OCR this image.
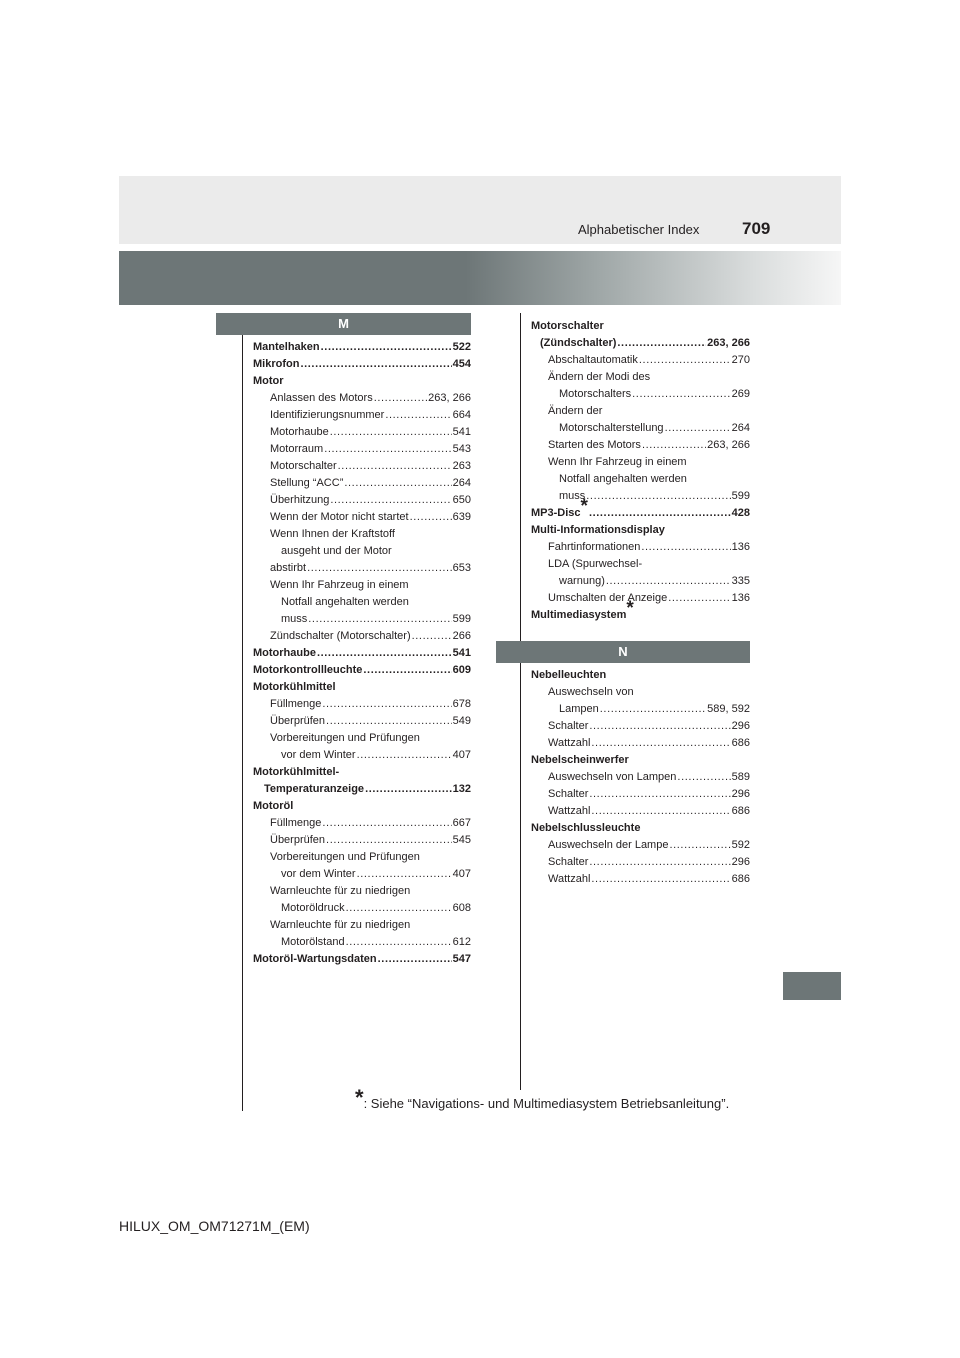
Alphabetischer Index	709
M
N
Mantelhaken .....	522
Mikrofon .....	454
Motor
Anlassen des Motors .....	263, 266
Identifizierungsnummer .....	664
Motorhaube .....	541
Motorraum .....	543
Motorschalter .....	263
Stellung “ACC” .....	264
Überhitzung .....	650
Wenn der Motor nicht startet .....	639
Wenn Ihnen der Kraftstoff
ausgeht und der Motor
abstirbt .....	653
Wenn Ihr Fahrzeug in einem
Notfall angehalten werden
muss .....	599
Zündschalter (Motorschalter) .....	266
Motorhaube .....	541
Motorkontrollleuchte .....	609
Motorkühlmittel
Füllmenge .....	678
Überprüfen .....	549
Vorbereitungen und Prüfungen
vor dem Winter .....	407
Motorkühlmittel-
Temperaturanzeige .....	132
Motoröl
Füllmenge .....	667
Überprüfen .....	545
Vorbereitungen und Prüfungen
vor dem Winter .....	407
Warnleuchte für zu niedrigen
Motoröldruck .....	608
Warnleuchte für zu niedrigen
Motorölstand .....	612
Motoröl-Wartungsdaten .....	547
Motorschalter
(Zündschalter) .....	263, 266
Abschaltautomatik .....	270
Ändern der Modi des
Motorschalters .....	269
Ändern der
Motorschalterstellung .....	264
Starten des Motors .....	263, 266
Wenn Ihr Fahrzeug in einem
Notfall angehalten werden
muss .....	599
MP3-Disc* .....	428
Multi-Informationsdisplay
Fahrtinformationen .....	136
LDA (Spurwechsel-
warnung) .....	335
Umschalten der Anzeige .....	136
Multimediasystem*
Nebelleuchten
Auswechseln von
Lampen .....	589, 592
Schalter .....	296
Wattzahl .....	686
Nebelscheinwerfer
Auswechseln von Lampen .....	589
Schalter .....	296
Wattzahl .....	686
Nebelschlussleuchte
Auswechseln der Lampe .....	592
Schalter .....	296
Wattzahl .....	686
*: Siehe “Navigations- und Multimediasystem Betriebsanleitung”.
HILUX_OM_OM71271M_(EM)
